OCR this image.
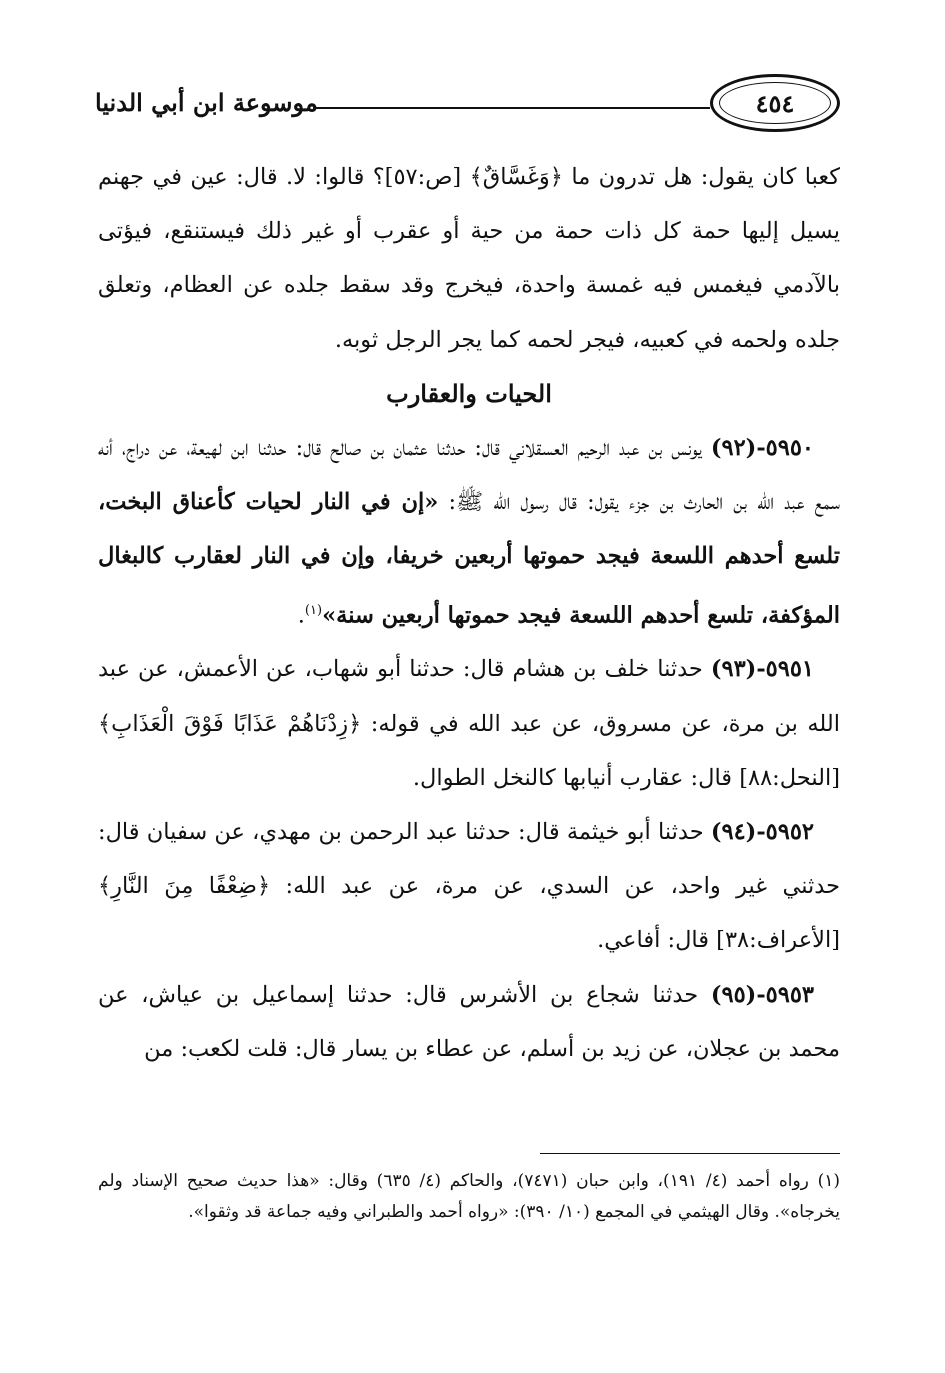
٤٥٤
موسوعة ابن أبي الدنيا

كعبا كان يقول: هل تدرون ما ﴿وَغَسَّاقٌ﴾ [ص:٥٧]؟ قالوا: لا. قال: عين في جهنم يسيل إليها حمة كل ذات حمة من حية أو عقرب أو غير ذلك فيستنقع، فيؤتى بالآدمي فيغمس فيه غمسة واحدة، فيخرج وقد سقط جلده عن العظام، وتعلق جلده ولحمه في كعبيه، فيجر لحمه كما يجر الرجل ثوبه.

الحيات والعقارب

٥٩٥٠-(٩٢) يونس بن عبد الرحيم العسقلاني قال: حدثنا عثمان بن صالح قال: حدثنا ابن لهيعة، عن دراج، أنه سمع عبد الله بن الحارث بن جزء يقول: قال رسول الله ﷺ: «إن في النار لحيات كأعناق البخت، تلسع أحدهم اللسعة فيجد حموتها أربعين خريفا، وإن في النار لعقارب كالبغال المؤكفة، تلسع أحدهم اللسعة فيجد حموتها أربعين سنة»$^{(١)}$.

٥٩٥١-(٩٣) حدثنا خلف بن هشام قال: حدثنا أبو شهاب، عن الأعمش، عن عبد الله بن مرة، عن مسروق، عن عبد الله في قوله: ﴿زِدْنَاهُمْ عَذَابًا فَوْقَ الْعَذَابِ﴾ [النحل:٨٨] قال: عقارب أنيابها كالنخل الطوال.

٥٩٥٢-(٩٤) حدثنا أبو خيثمة قال: حدثنا عبد الرحمن بن مهدي، عن سفيان قال: حدثني غير واحد، عن السدي، عن مرة، عن عبد الله: ﴿ضِعْفًا مِنَ النَّارِ﴾ [الأعراف:٣٨] قال: أفاعي.

٥٩٥٣-(٩٥) حدثنا شجاع بن الأشرس قال: حدثنا إسماعيل بن عياش، عن محمد بن عجلان، عن زيد بن أسلم، عن عطاء بن يسار قال: قلت لكعب: من

(١) رواه أحمد (٤/ ١٩١)، وابن حبان (٧٤٧١)، والحاكم (٤/ ٦٣٥) وقال: «هذا حديث صحيح الإسناد ولم يخرجاه». وقال الهيثمي في المجمع (١٠/ ٣٩٠): «رواه أحمد والطبراني وفيه جماعة قد وثقوا».
